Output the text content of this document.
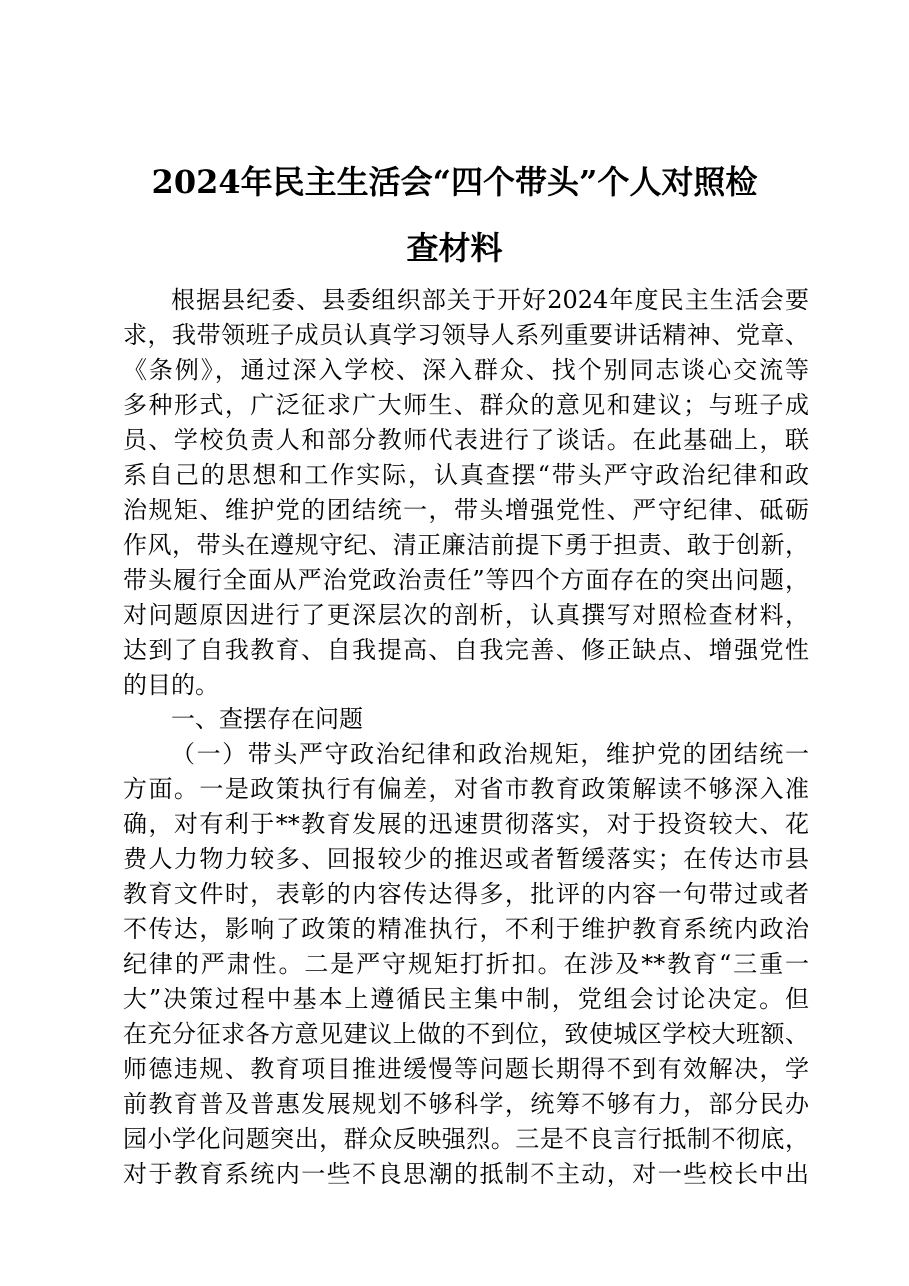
2024年民主生活会“四个带头”个人对照检
查材料
根据县纪委、县委组织部关于开好2024年度民主生活会要
求，我带领班子成员认真学习领导人系列重要讲话精神、党章、
《条例》，通过深入学校、深入群众、找个别同志谈心交流等
多种形式，广泛征求广大师生、群众的意见和建议；与班子成
员、学校负责人和部分教师代表进行了谈话。在此基础上，联
系自己的思想和工作实际，认真查摆“带头严守政治纪律和政
治规矩、维护党的团结统一，带头增强党性、严守纪律、砥砺
作风，带头在遵规守纪、清正廉洁前提下勇于担责、敢于创新，
带头履行全面从严治党政治责任”等四个方面存在的突出问题，
对问题原因进行了更深层次的剖析，认真撰写对照检查材料，
达到了自我教育、自我提高、自我完善、修正缺点、增强党性
的目的。
一、查摆存在问题
（一）带头严守政治纪律和政治规矩，维护党的团结统一
方面。一是政策执行有偏差，对省市教育政策解读不够深入准
确，对有利于**教育发展的迅速贯彻落实，对于投资较大、花
费人力物力较多、回报较少的推迟或者暂缓落实；在传达市县
教育文件时，表彰的内容传达得多，批评的内容一句带过或者
不传达，影响了政策的精准执行，不利于维护教育系统内政治
纪律的严肃性。二是严守规矩打折扣。在涉及**教育“三重一
大”决策过程中基本上遵循民主集中制，党组会讨论决定。但
在充分征求各方意见建议上做的不到位，致使城区学校大班额、
师德违规、教育项目推进缓慢等问题长期得不到有效解决，学
前教育普及普惠发展规划不够科学，统筹不够有力，部分民办
园小学化问题突出，群众反映强烈。三是不良言行抵制不彻底，
对于教育系统内一些不良思潮的抵制不主动，对一些校长中出
